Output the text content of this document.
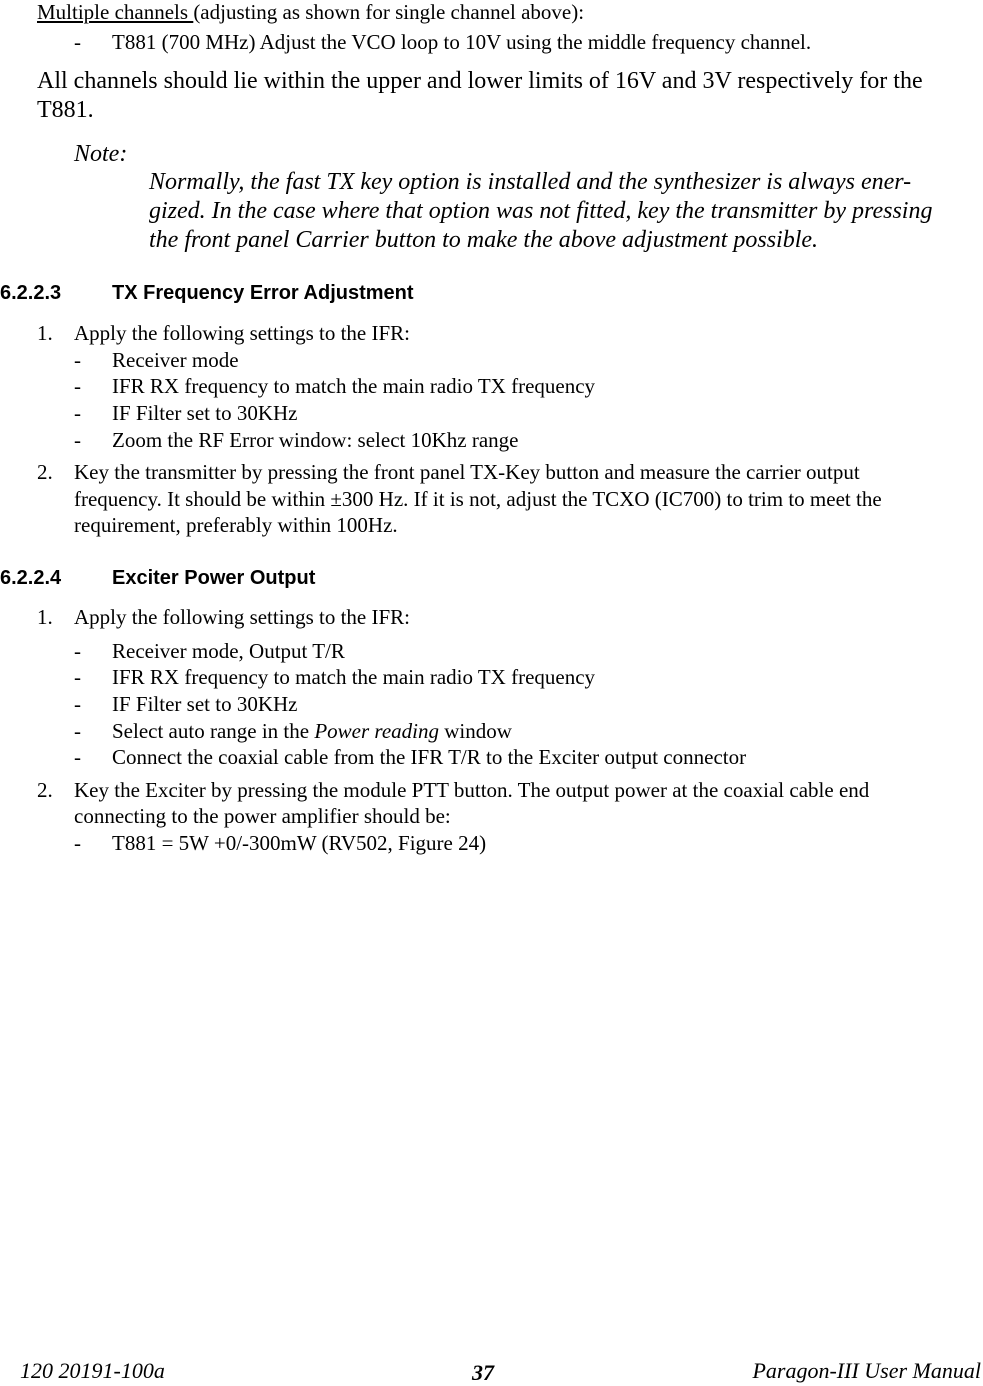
Multiple channels (adjusting as shown for single channel above):
- T881 (700 MHz) Adjust the VCO loop to 10V using the middle frequency channel.
All channels should lie within the upper and lower limits of 16V and 3V respectively for the
T881.
Note:
Normally, the fast TX key option is installed and the synthesizer is always ener-
gized. In the case where that option was not fitted, key the transmitter by pressing
the front panel Carrier button to make the above adjustment possible.
6.2.2.3	TX Frequency Error Adjustment
1. Apply the following settings to the IFR:
- Receiver mode
- IFR RX frequency to match the main radio TX frequency
- IF Filter set to 30KHz
- Zoom the RF Error window: select 10Khz range
2. Key the transmitter by pressing the front panel TX-Key button and measure the carrier output
frequency. It should be within ±300 Hz. If it is not, adjust the TCXO (IC700) to trim to meet the
requirement, preferably within 100Hz.
6.2.2.4	Exciter Power Output
1. Apply the following settings to the IFR:
- Receiver mode, Output T/R
- IFR RX frequency to match the main radio TX frequency
- IF Filter set to 30KHz
- Select auto range in the Power reading window
- Connect the coaxial cable from the IFR T/R to the Exciter output connector
2. Key the Exciter by pressing the module PTT button. The output power at the coaxial cable end
connecting to the power amplifier should be:
- T881 = 5W +0/-300mW (RV502, Figure 24)
120 20191-100a	37	Paragon-III User Manual
